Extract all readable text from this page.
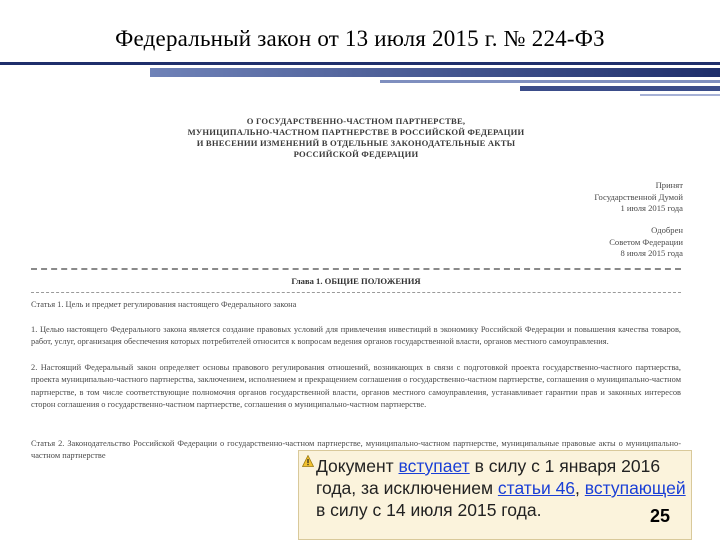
Федеральный закон от 13 июля 2015 г. № 224-ФЗ
О ГОСУДАРСТВЕННО-ЧАСТНОМ ПАРТНЕРСТВЕ,
МУНИЦИПАЛЬНО-ЧАСТНОМ ПАРТНЕРСТВЕ В РОССИЙСКОЙ ФЕДЕРАЦИИ
И ВНЕСЕНИИ ИЗМЕНЕНИЙ В ОТДЕЛЬНЫЕ ЗАКОНОДАТЕЛЬНЫЕ АКТЫ
РОССИЙСКОЙ ФЕДЕРАЦИИ
Принят
Государственной Думой
1 июля 2015 года
Одобрен
Советом Федерации
8 июля 2015 года
Глава 1. ОБЩИЕ ПОЛОЖЕНИЯ
Статья 1. Цель и предмет регулирования настоящего Федерального закона
1. Целью настоящего Федерального закона является создание правовых условий для привлечения инвестиций в экономику Российской Федерации и повышения качества товаров, работ, услуг, организация обеспечения которых потребителей относится к вопросам ведения органов государственной власти, органов местного самоуправления.
2. Настоящий Федеральный закон определяет основы правового регулирования отношений, возникающих в связи с подготовкой проекта государственно-частного партнерства, проекта муниципально-частного партнерства, заключением, исполнением и прекращением соглашения о государственно-частном партнерстве, соглашения о муниципально-частном партнерстве, в том числе соответствующие полномочия органов государственной власти, органов местного самоуправления, устанавливает гарантии прав и законных интересов сторон соглашения о государственно-частном партнерстве, соглашения о муниципально-частном партнерстве.
Статья 2. Законодательство Российской Федерации о государственно-частном партнерстве, муниципально-частном партнерстве, муниципальные правовые акты о муниципально-частном партнерстве
Документ вступает в силу с 1 января 2016 года, за исключением статьи 46, вступающей в силу с 14 июля 2015 года.	25
